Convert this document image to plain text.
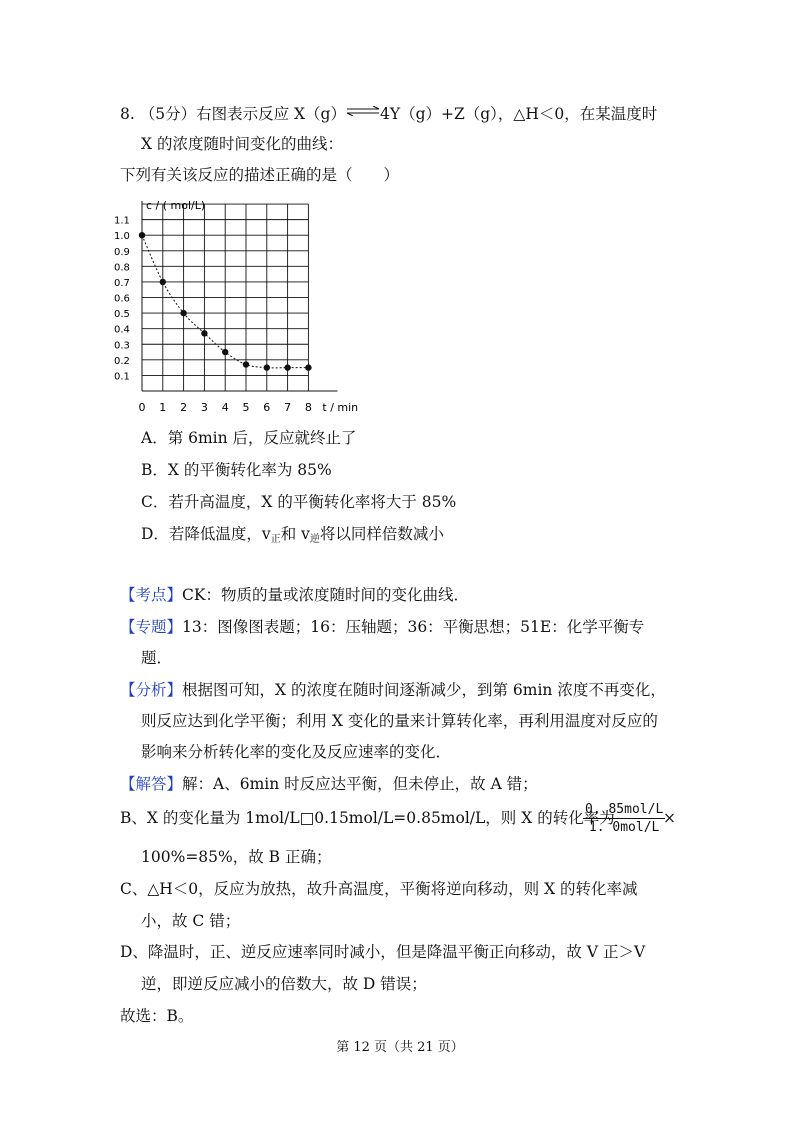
8. （5分）右图表示反应 X（g）⇌4Y（g）+Z（g），△H＜0，在某温度时
X 的浓度随时间变化的曲线：
下列有关该反应的描述正确的是（　　）
c / ( mol/L)
t / min
0 1 2 3 4 5 6 7 8
0.1
0.2
0.3
0.4
0.5
0.6
0.7
0.8
0.9
1.0
1.1
A．第 6min 后，反应就终止了
B．X 的平衡转化率为 85%
C．若升高温度，X 的平衡转化率将大于 85%
D．若降低温度，v正和 v逆将以同样倍数减小
【考点】CK：物质的量或浓度随时间的变化曲线．
【专题】13：图像图表题；16：压轴题；36：平衡思想；51E：化学平衡专
题．
【分析】根据图可知，X 的浓度在随时间逐渐减少，到第 6min 浓度不再变化，
则反应达到化学平衡；利用 X 变化的量来计算转化率，再利用温度对反应的
影响来分析转化率的变化及反应速率的变化．
【解答】解：A、6min 时反应达平衡，但未停止，故 A 错；
B、X 的变化量为 1mol/L□0.15mol/L=0.85mol/L，则 X 的转化率为
0. 85mol/L
1. 0mol/L
×
100%=85%，故 B 正确；
C、△H＜0，反应为放热，故升高温度，平衡将逆向移动，则 X 的转化率减
小，故 C 错；
D、降温时，正、逆反应速率同时减小，但是降温平衡正向移动，故 V 正＞V
逆，即逆反应减小的倍数大，故 D 错误；
故选：B。
第 12 页（共 21 页）
